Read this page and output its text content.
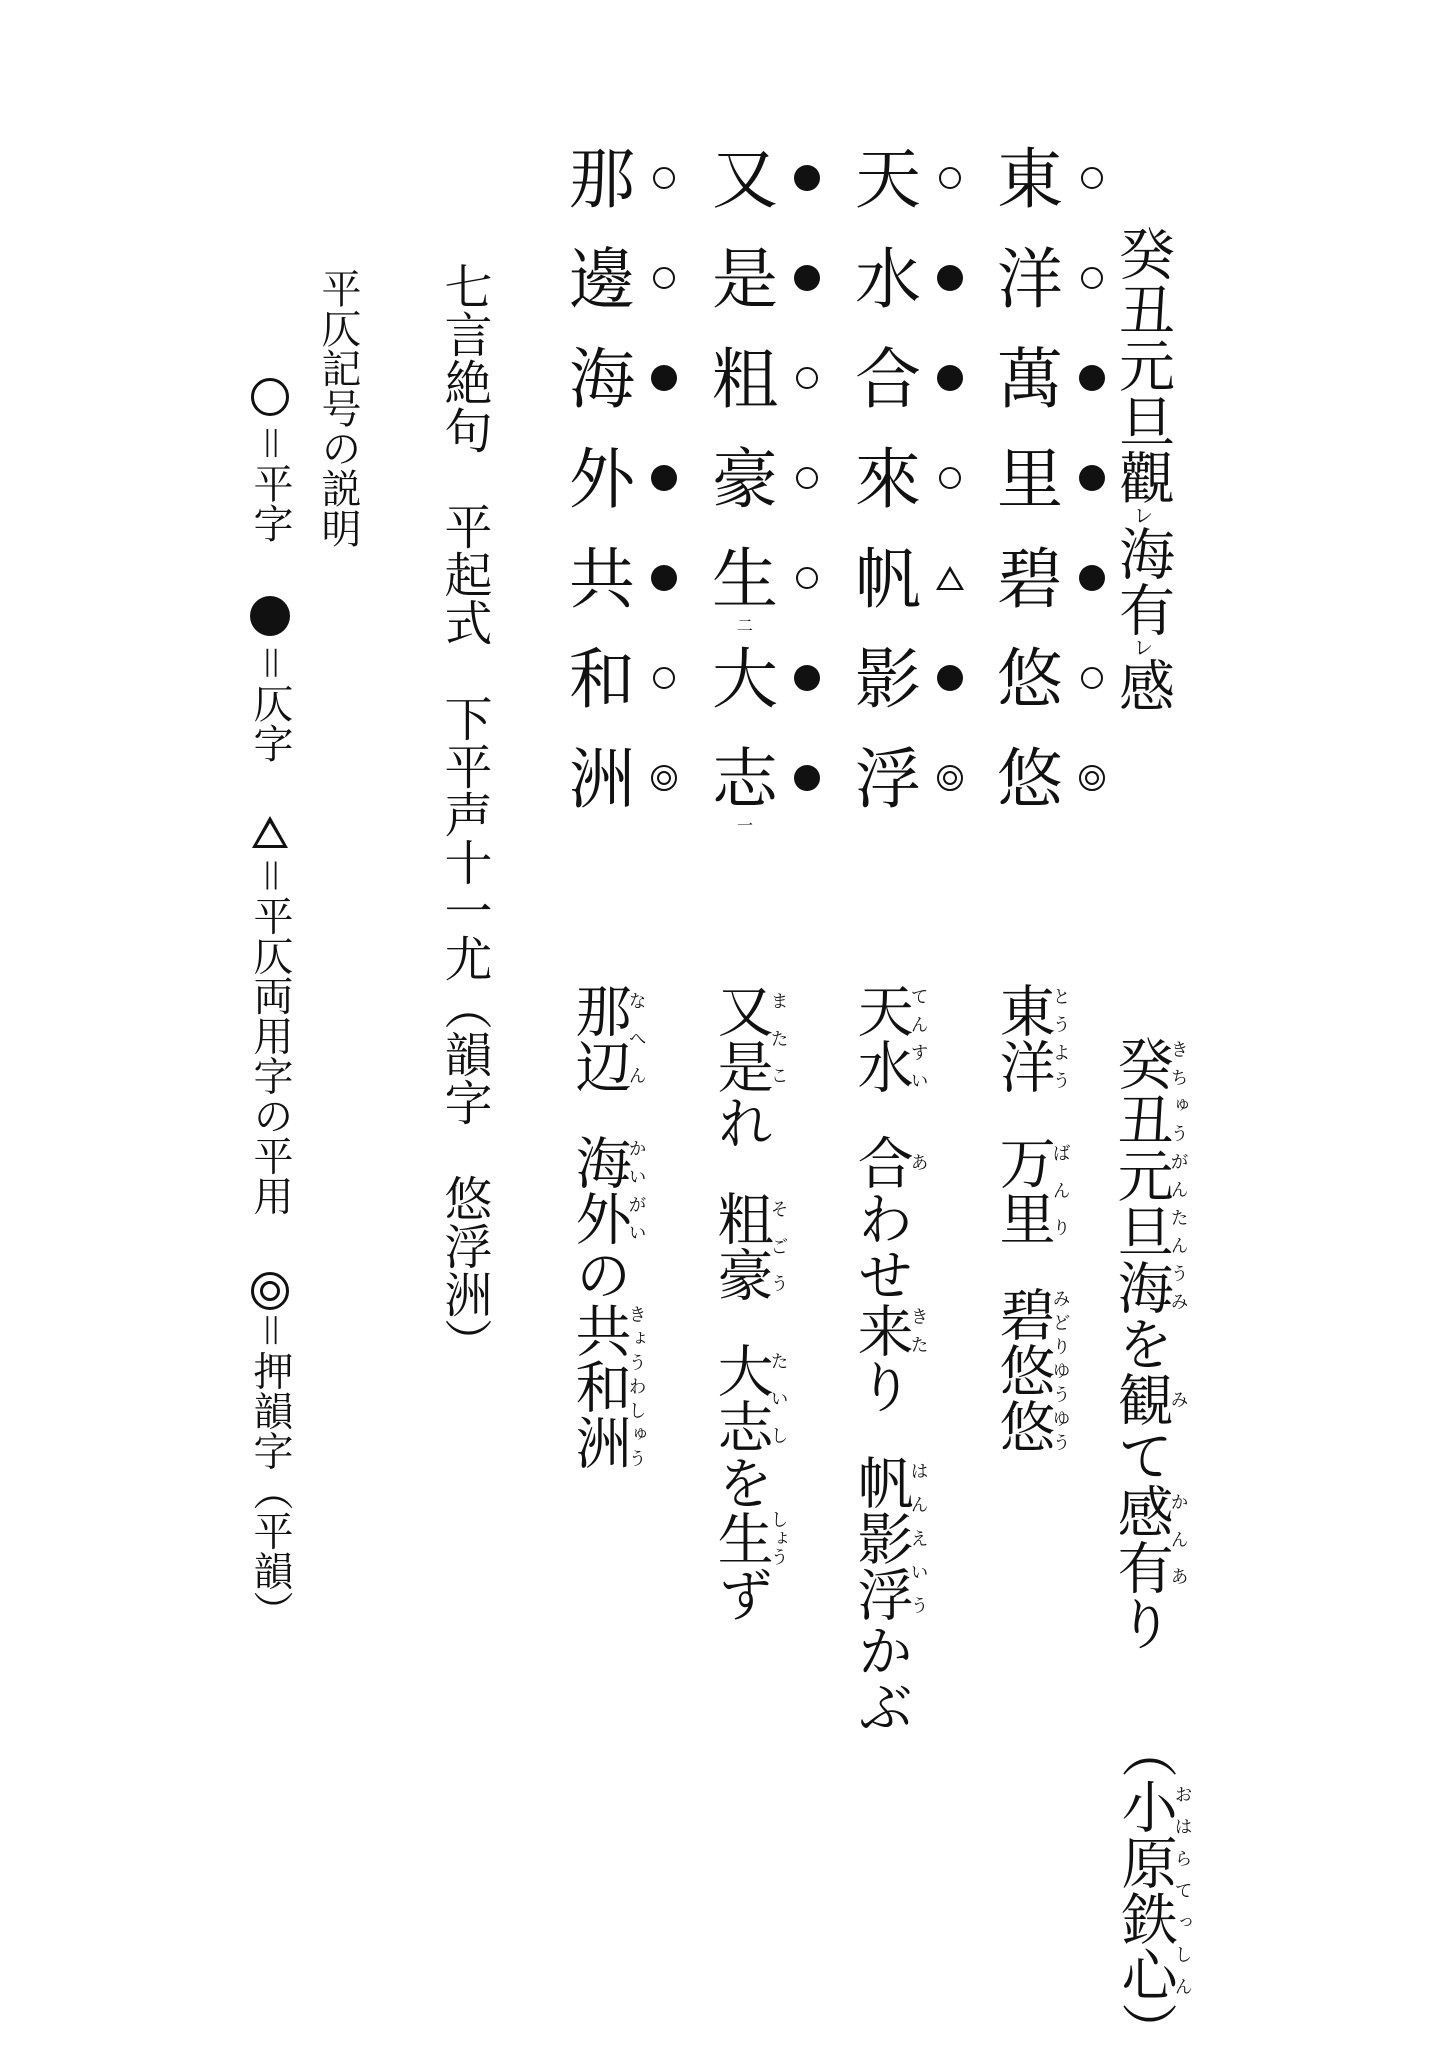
癸丑元旦觀レ海有レ感
東
洋
萬
里
碧
悠
悠
天
水
合
來
帆
影
浮
又
是
粗
豪
生
二
大
志
一
那
邊
海
外
共
和
洲
七言絶句　平起式　下平声十一尤（韻字　悠浮洲）
平仄記号の説明
＝平字 ＝仄字 ＝平仄両用字の平用 ＝押韻字（平韻）
癸丑元旦海きちゅうがんたんうみを観みて感有かんあり
東洋とうよう万里ばんり碧悠悠みどりゆうゆう
天水てんすい合あわせ来きたり帆影浮はんえいうかぶ
又是またこれ粗豪そごう大志たいしを生しょうず
那辺なへん海外かいがいの共和洲きょうわしゅう
（小原鉄心おはらてっしん）
